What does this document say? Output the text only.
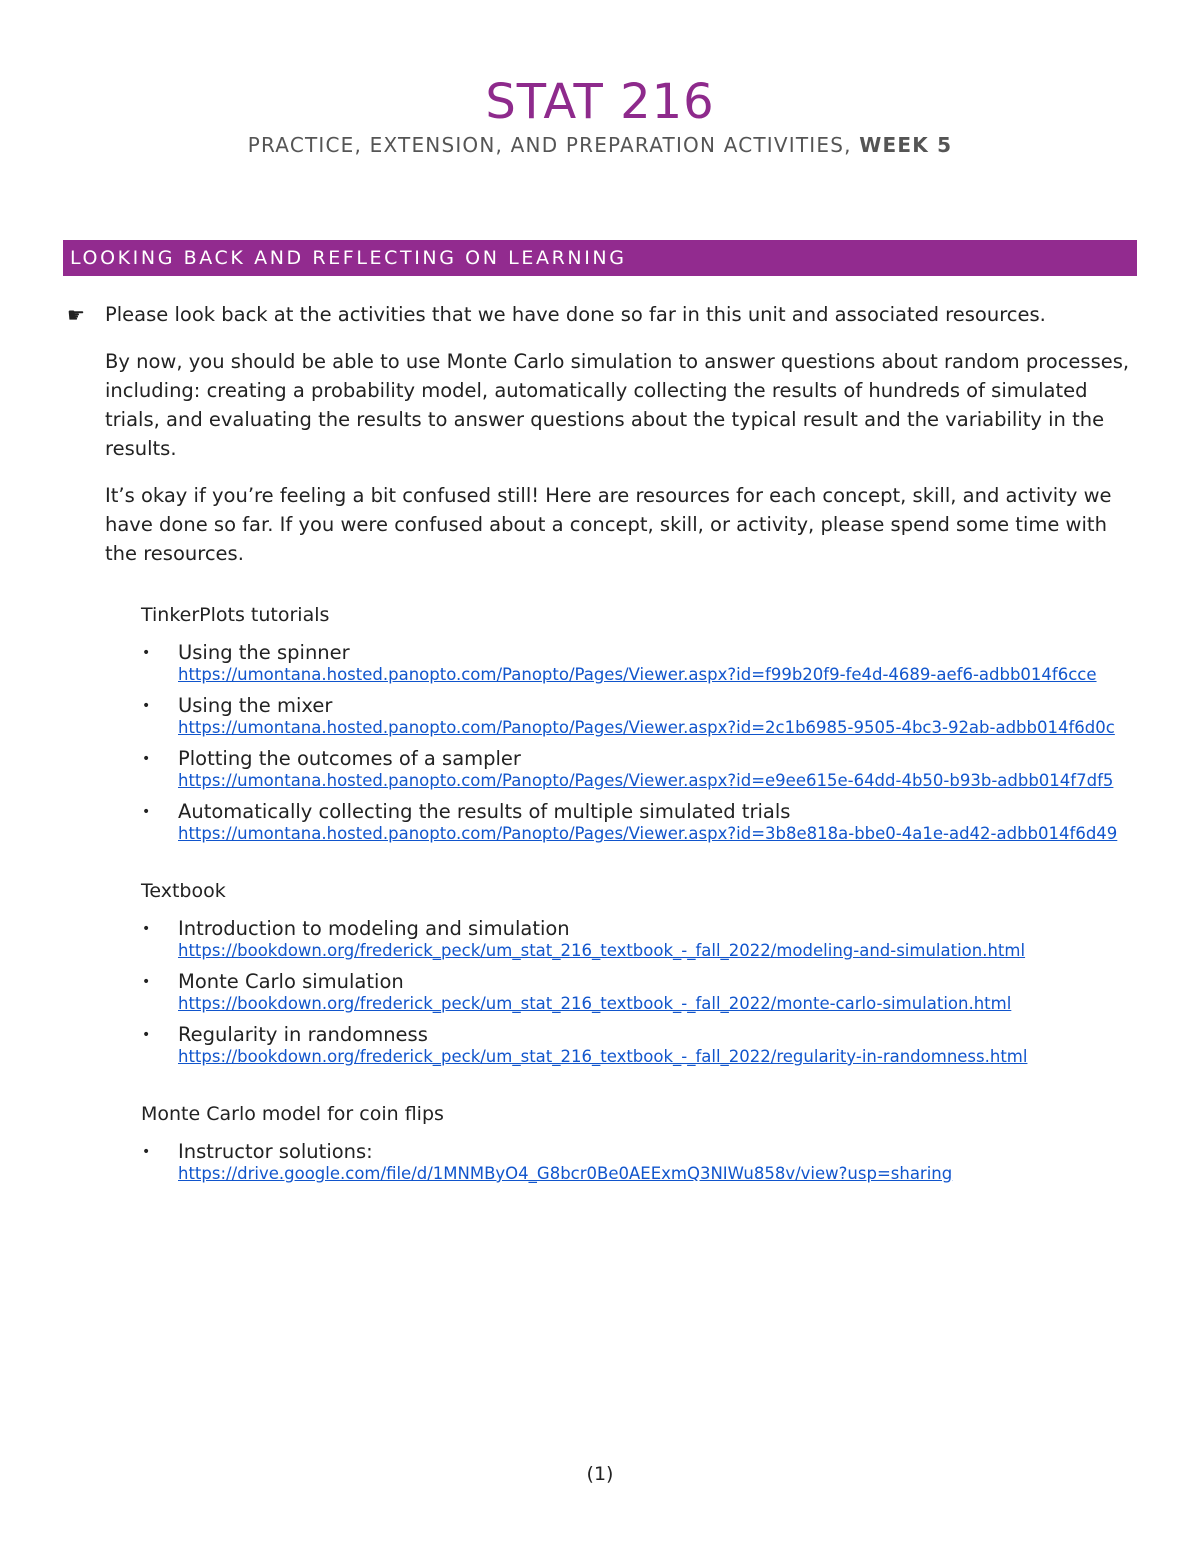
STAT 216
PRACTICE, EXTENSION, AND PREPARATION ACTIVITIES, WEEK 5
LOOKING BACK AND REFLECTING ON LEARNING

☛ Please look back at the activities that we have done so far in this unit and associated resources.

By now, you should be able to use Monte Carlo simulation to answer questions about random processes, including: creating a probability model, automatically collecting the results of hundreds of simulated trials, and evaluating the results to answer questions about the typical result and the variability in the results.

It’s okay if you’re feeling a bit confused still! Here are resources for each concept, skill, and activity we have done so far. If you were confused about a concept, skill, or activity, please spend some time with the resources.

TinkerPlots tutorials
• Using the spinner
https://umontana.hosted.panopto.com/Panopto/Pages/Viewer.aspx?id=f99b20f9-fe4d-4689-aef6-adbb014f6cce
• Using the mixer
https://umontana.hosted.panopto.com/Panopto/Pages/Viewer.aspx?id=2c1b6985-9505-4bc3-92ab-adbb014f6d0c
• Plotting the outcomes of a sampler
https://umontana.hosted.panopto.com/Panopto/Pages/Viewer.aspx?id=e9ee615e-64dd-4b50-b93b-adbb014f7df5
• Automatically collecting the results of multiple simulated trials
https://umontana.hosted.panopto.com/Panopto/Pages/Viewer.aspx?id=3b8e818a-bbe0-4a1e-ad42-adbb014f6d49
Textbook
• Introduction to modeling and simulation
https://bookdown.org/frederick_peck/um_stat_216_textbook_-_fall_2022/modeling-and-simulation.html
• Monte Carlo simulation
https://bookdown.org/frederick_peck/um_stat_216_textbook_-_fall_2022/monte-carlo-simulation.html
• Regularity in randomness
https://bookdown.org/frederick_peck/um_stat_216_textbook_-_fall_2022/regularity-in-randomness.html
Monte Carlo model for coin flips
• Instructor solutions:
https://drive.google.com/file/d/1MNMByO4_G8bcr0Be0AEExmQ3NIWu858v/view?usp=sharing
(1)
